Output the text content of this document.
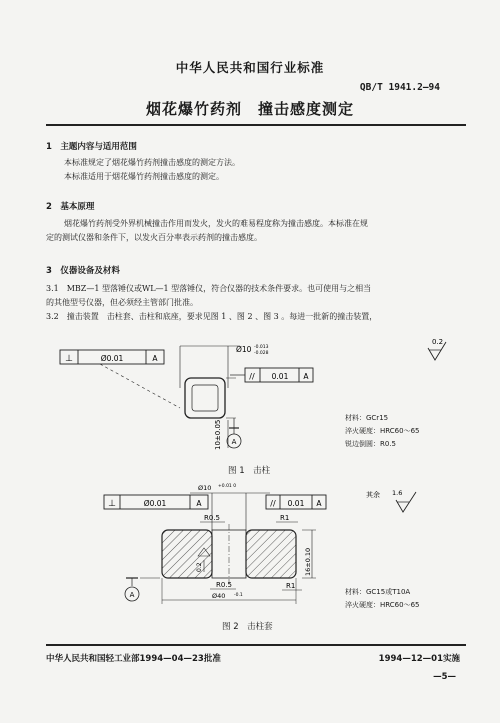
中华人民共和国行业标准
QB/T 1941.2—94
烟花爆竹药剂　撞击感度测定
1　主题内容与适用范围
本标准规定了烟花爆竹药剂撞击感度的测定方法。
本标准适用于烟花爆竹药剂撞击感度的测定。
2　基本原理
烟花爆竹药剂受外界机械撞击作用而发火，发火的难易程度称为撞击感度。本标准在规
定的测试仪器和条件下，以发火百分率表示药剂的撞击感度。
3　仪器设备及材料
3.1　MBZ—1 型落锤仪或WL—1 型落锤仪，符合仪器的技术条件要求。也可使用与之相当
的其他型号仪器，但必须经主管部门批准。
3.2　撞击装置　击柱套、击柱和底座，要求见图 1 、图 2 、图 3 。每进一批新的撞击装置，
⊥	Ø0.01	A
Ø10 -0.013
-0.028
// 0.01 A
10±0.05 A
0.2
材料：GCr15
淬火硬度：HRC60～65
锐边倒圆：R0.5
图 1　击柱
Ø10 +0.01 0
⊥	Ø0.01	A	// 0.01 A
R0.5	R1
0.2	16±0.10
R0.5	R1
Ø40 -0.1
A
其余 1.6
材料：GC15或T10A
淬火硬度：HRC60～65
图 2　击柱套
中华人民共和国轻工业部1994—04—23批准	1994—12—01实施
—5—
